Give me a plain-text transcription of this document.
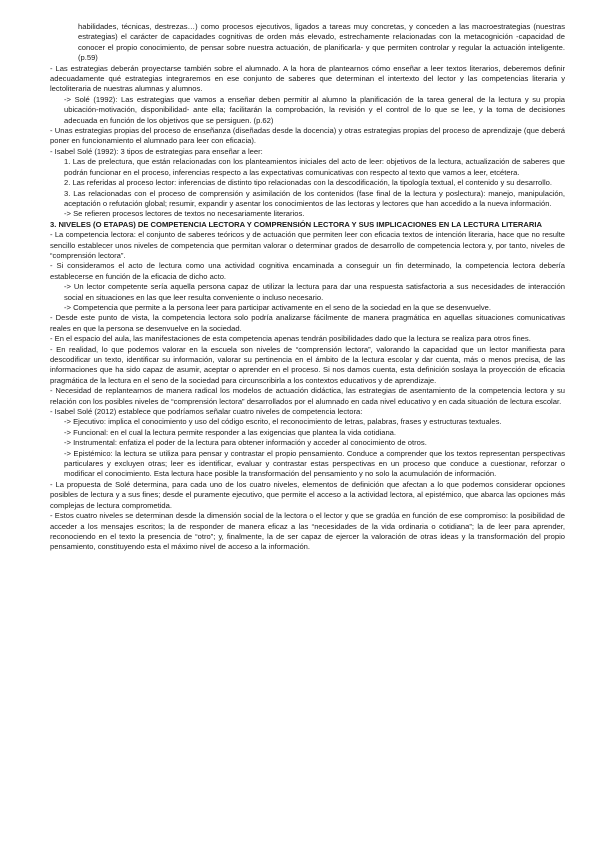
habilidades, técnicas, destrezas…) como procesos ejecutivos, ligados a tareas muy concretas, y conceden a las macroestrategias (nuestras estrategias) el carácter de capacidades cognitivas de orden más elevado, estrechamente relacionadas con la metacognición -capacidad de conocer el propio conocimiento, de pensar sobre nuestra actuación, de planificarla- y que permiten controlar y regular la actuación inteligente. (p.59)

- Las estrategias deberán proyectarse también sobre el alumnado. A la hora de plantearnos cómo enseñar a leer textos literarios, deberemos definir adecuadamente qué estrategias integraremos en ese conjunto de saberes que determinan el intertexto del lector y las competencias literaria y lectoliteraria de nuestras alumnas y alumnos.

-> Solé (1992): Las estrategias que vamos a enseñar deben permitir al alumno la planificación de la tarea general de la lectura y su propia ubicación-motivación, disponibilidad- ante ella; facilitarán la comprobación, la revisión y el control de lo que se lee, y la toma de decisiones adecuada en función de los objetivos que se persiguen. (p.62)

- Unas estrategias propias del proceso de enseñanza (diseñadas desde la docencia) y otras estrategias propias del proceso de aprendizaje (que deberá poner en funcionamiento el alumnado para leer con eficacia).

- Isabel Solé (1992): 3 tipos de estrategias para enseñar a leer:

1. Las de prelectura, que están relacionadas con los planteamientos iniciales del acto de leer: objetivos de la lectura, actualización de saberes que podrán funcionar en el proceso, inferencias respecto a las expectativas comunicativas con respecto al texto que vamos a leer, etcétera.

2. Las referidas al proceso lector: inferencias de distinto tipo relacionadas con la descodificación, la tipología textual, el contenido y su desarrollo.

3. Las relacionadas con el proceso de comprensión y asimilación de los contenidos (fase final de la lectura y poslectura): manejo, manipulación, aceptación o refutación global; resumir, expandir y asentar los conocimientos de las lectoras y lectores que han accedido a la nueva información.

-> Se refieren procesos lectores de textos no necesariamente literarios.

3. NIVELES (O ETAPAS) DE COMPETENCIA LECTORA Y COMPRENSIÓN LECTORA Y SUS IMPLICACIONES EN LA LECTURA LITERARIA

- La competencia lectora: el conjunto de saberes teóricos y de actuación que permiten leer con eficacia textos de intención literaria, hace que no resulte sencillo establecer unos niveles de competencia que permitan valorar o determinar grados de desarrollo de competencia lectora y, por tanto, niveles de “comprensión lectora”.

- Si consideramos el acto de lectura como una actividad cognitiva encaminada a conseguir un fin determinado, la competencia lectora debería establecerse en función de la eficacia de dicho acto.

-> Un lector competente sería aquella persona capaz de utilizar la lectura para dar una respuesta satisfactoria a sus necesidades de interacción social en situaciones en las que leer resulta conveniente o incluso necesario.

-> Competencia que permite a la persona leer para participar activamente en el seno de la sociedad en la que se desenvuelve.

- Desde este punto de vista, la competencia lectora solo podría analizarse fácilmente de manera pragmática en aquellas situaciones comunicativas reales en que la persona se desenvuelve en la sociedad.

- En el espacio del aula, las manifestaciones de esta competencia apenas tendrán posibilidades dado que la lectura se realiza para otros fines.

- En realidad, lo que podemos valorar en la escuela son niveles de “comprensión lectora”, valorando la capacidad que un lector manifiesta para descodificar un texto, identificar su información, valorar su pertinencia en el ámbito de la lectura escolar y dar cuenta, más o menos precisa, de las informaciones que ha sido capaz de asumir, aceptar o aprender en el proceso. Si nos damos cuenta, esta definición soslaya la proyección de eficacia pragmática de la lectura en el seno de la sociedad para circunscribirla a los contextos educativos y de aprendizaje.

- Necesidad de replantearnos de manera radical los modelos de actuación didáctica, las estrategias de asentamiento de la competencia lectora y su relación con los posibles niveles de “comprensión lectora” desarrollados por el alumnado en cada nivel educativo y en cada situación de lectura escolar.

- Isabel Solé (2012) establece que podríamos señalar cuatro niveles de competencia lectora:

-> Ejecutivo: implica el conocimiento y uso del código escrito, el reconocimiento de letras, palabras, frases y estructuras textuales.

-> Funcional: en el cual la lectura permite responder a las exigencias que plantea la vida cotidiana.

-> Instrumental: enfatiza el poder de la lectura para obtener información y acceder al conocimiento de otros.

-> Epistémico: la lectura se utiliza para pensar y contrastar el propio pensamiento. Conduce a comprender que los textos representan perspectivas particulares y excluyen otras; leer es identificar, evaluar y contrastar estas perspectivas en un proceso que conduce a cuestionar, reforzar o modificar el conocimiento. Esta lectura hace posible la transformación del pensamiento y no solo la acumulación de información.

- La propuesta de Solé determina, para cada uno de los cuatro niveles, elementos de definición que afectan a lo que podemos considerar opciones posibles de lectura y a sus fines; desde el puramente ejecutivo, que permite el acceso a la actividad lectora, al epistémico, que abarca las opciones más complejas de lectura comprometida.

- Estos cuatro niveles se determinan desde la dimensión social de la lectora o el lector y que se gradúa en función de ese compromiso: la posibilidad de acceder a los mensajes escritos; la de responder de manera eficaz a las “necesidades de la vida ordinaria o cotidiana”; la de leer para aprender, reconociendo en el texto la presencia de “otro”; y, finalmente, la de ser capaz de ejercer la valoración de otras ideas y la transformación del propio pensamiento, constituyendo esta el máximo nivel de acceso a la información.
